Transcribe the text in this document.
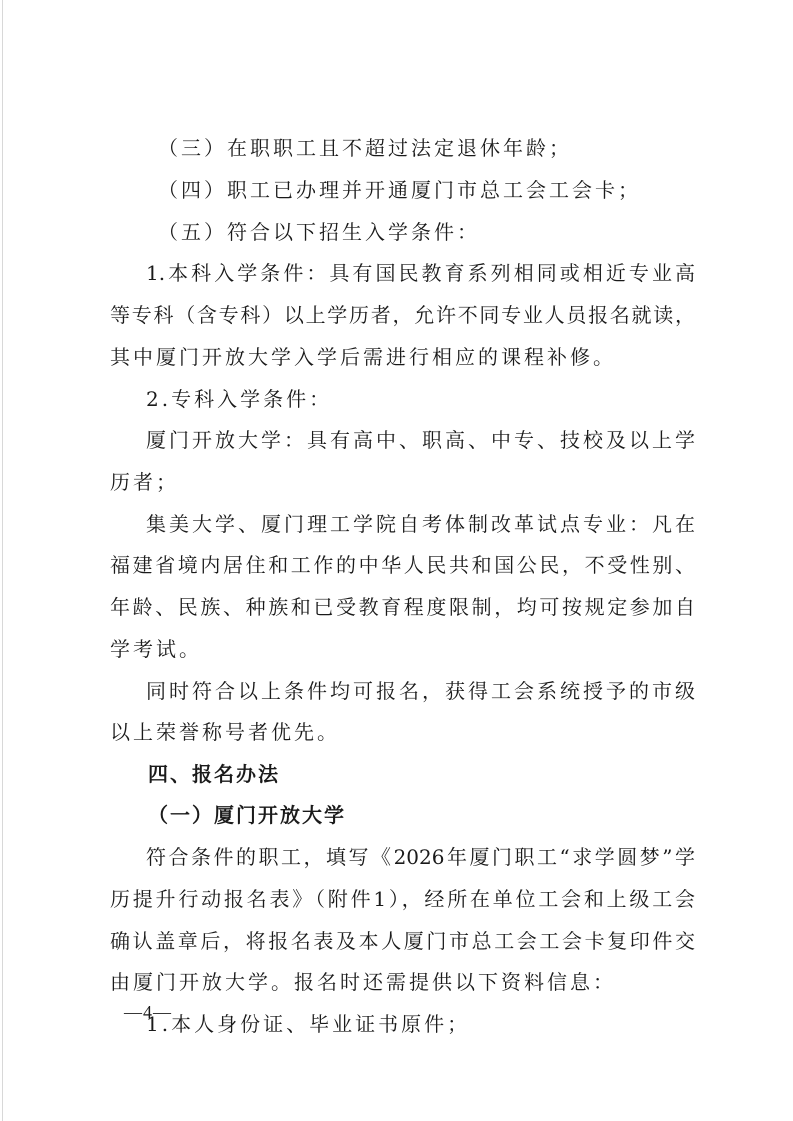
（三）在职职工且不超过法定退休年龄；
（四）职工已办理并开通厦门市总工会工会卡；
（五）符合以下招生入学条件：
1.本科入学条件：具有国民教育系列相同或相近专业高
等专科（含专科）以上学历者，允许不同专业人员报名就读，
其中厦门开放大学入学后需进行相应的课程补修。
2.专科入学条件：
厦门开放大学：具有高中、职高、中专、技校及以上学
历者；
集美大学、厦门理工学院自考体制改革试点专业：凡在
福建省境内居住和工作的中华人民共和国公民，不受性别、
年龄、民族、种族和已受教育程度限制，均可按规定参加自
学考试。
同时符合以上条件均可报名，获得工会系统授予的市级
以上荣誉称号者优先。
四、报名办法
（一）厦门开放大学
符合条件的职工，填写《2026年厦门职工“求学圆梦”学
历提升行动报名表》（附件1），经所在单位工会和上级工会
确认盖章后，将报名表及本人厦门市总工会工会卡复印件交
由厦门开放大学。报名时还需提供以下资料信息：
1.本人身份证、毕业证书原件；
—4—
